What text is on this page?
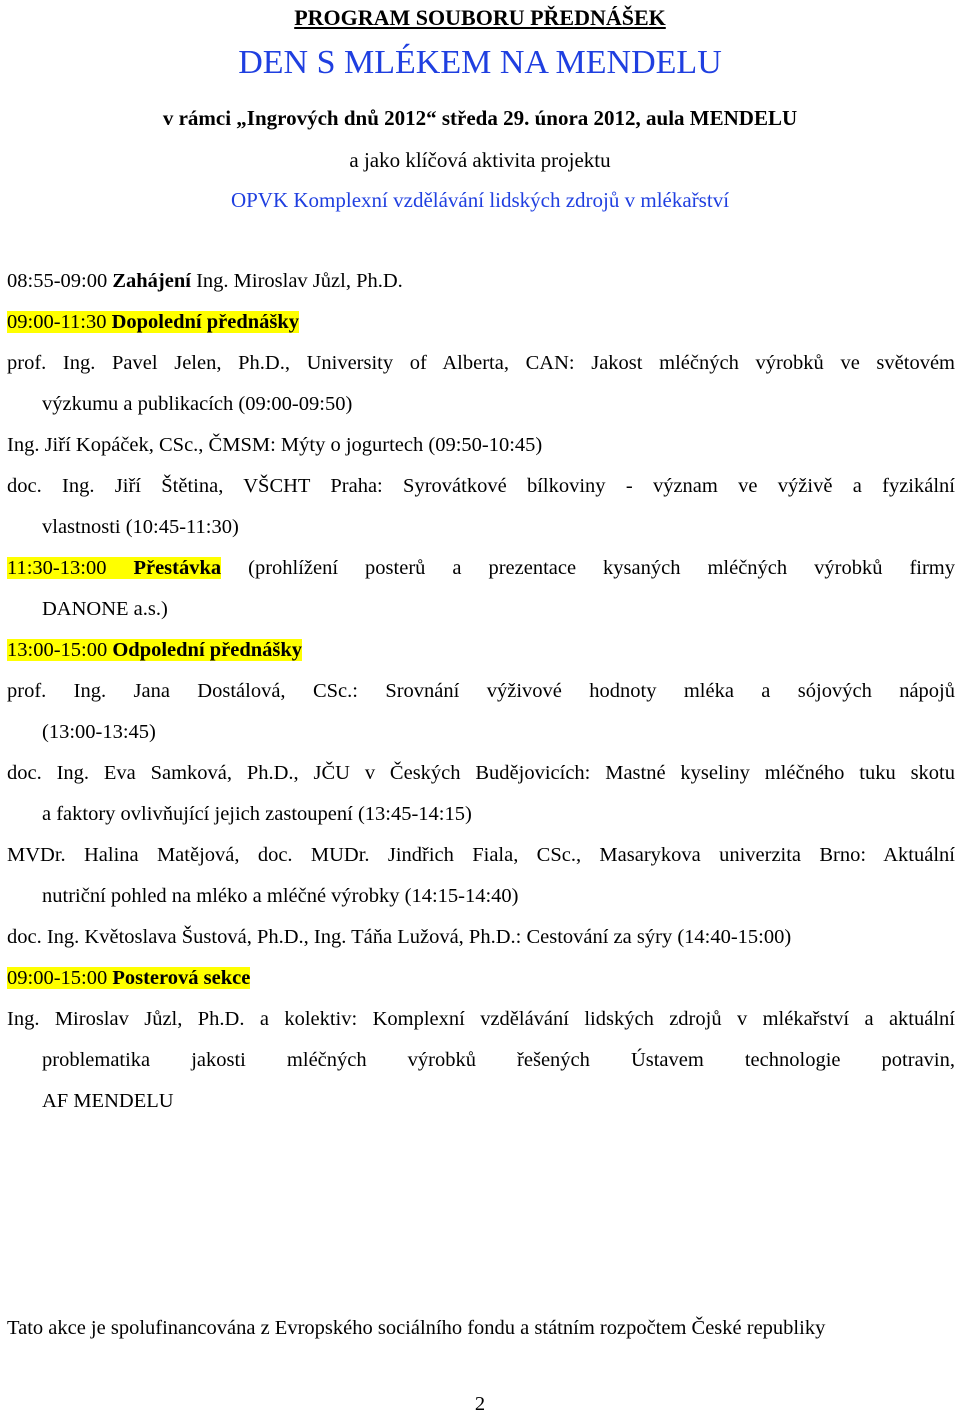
PROGRAM SOUBORU PŘEDNÁŠEK
DEN S MLÉKEM NA MENDELU
v rámci „Ingrových dnů 2012“ středa 29. února 2012, aula MENDELU
a jako klíčová aktivita projektu
OPVK Komplexní vzdělávání lidských zdrojů v mlékařství
08:55-09:00 Zahájení Ing. Miroslav Jůzl, Ph.D.
09:00-11:30 Dopolední přednášky
prof. Ing. Pavel Jelen, Ph.D., University of Alberta, CAN: Jakost mléčných výrobků ve světovém
výzkumu a publikacích (09:00-09:50)
Ing. Jiří Kopáček, CSc., ČMSM: Mýty o jogurtech (09:50-10:45)
doc. Ing. Jiří Štětina, VŠCHT Praha: Syrovátkové bílkoviny - význam ve výživě a fyzikální
vlastnosti (10:45-11:30)
11:30-13:00 Přestávka (prohlížení posterů a prezentace kysaných mléčných výrobků firmy
DANONE a.s.)
13:00-15:00 Odpolední přednášky
prof. Ing. Jana Dostálová, CSc.: Srovnání výživové hodnoty mléka a sójových nápojů
(13:00-13:45)
doc. Ing. Eva Samková, Ph.D., JČU v Českých Budějovicích: Mastné kyseliny mléčného tuku skotu
a faktory ovlivňující jejich zastoupení (13:45-14:15)
MVDr. Halina Matějová, doc. MUDr. Jindřich Fiala, CSc., Masarykova univerzita Brno: Aktuální
nutriční pohled na mléko a mléčné výrobky (14:15-14:40)
doc. Ing. Květoslava Šustová, Ph.D., Ing. Táňa Lužová, Ph.D.: Cestování za sýry (14:40-15:00)
09:00-15:00 Posterová sekce
Ing. Miroslav Jůzl, Ph.D. a kolektiv: Komplexní vzdělávání lidských zdrojů v mlékařství a aktuální
problematika jakosti mléčných výrobků řešených Ústavem technologie potravin,
AF MENDELU
Tato akce je spolufinancována z Evropského sociálního fondu a státním rozpočtem České republiky
2
